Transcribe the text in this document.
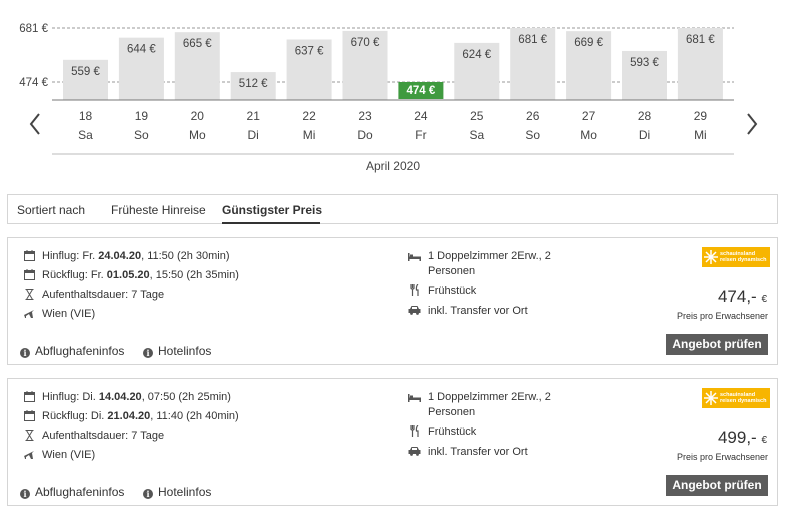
681 €
474 €
559 €
18
Sa
644 €
19
So
665 €
20
Mo
512 €
21
Di
637 €
22
Mi
670 €
23
Do
474 €
24
Fr
624 €
25
Sa
681 €
26
So
669 €
27
Mo
593 €
28
Di
681 €
29
Mi
April 2020
Sortiert nach Früheste Hinreise Günstigster Preis
Hinflug: Fr. 24.04.20, 11:50 (2h 30min)
Rückflug: Fr. 01.05.20, 15:50 (2h 35min)
Aufenthaltsdauer: 7 Tage
Wien (VIE)
i Abflughafeninfos	i Hotelinfos
1 Doppelzimmer 2Erw., 2 Personen
Frühstück
inkl. Transfer vor Ort
schauinsland
reisen dynamisch
474,- €
Preis pro Erwachsener
Angebot prüfen
Hinflug: Di. 14.04.20, 07:50 (2h 25min)
Rückflug: Di. 21.04.20, 11:40 (2h 40min)
Aufenthaltsdauer: 7 Tage
Wien (VIE)
i Abflughafeninfos	i Hotelinfos
1 Doppelzimmer 2Erw., 2 Personen
Frühstück
inkl. Transfer vor Ort
schauinsland
reisen dynamisch
499,- €
Preis pro Erwachsener
Angebot prüfen
